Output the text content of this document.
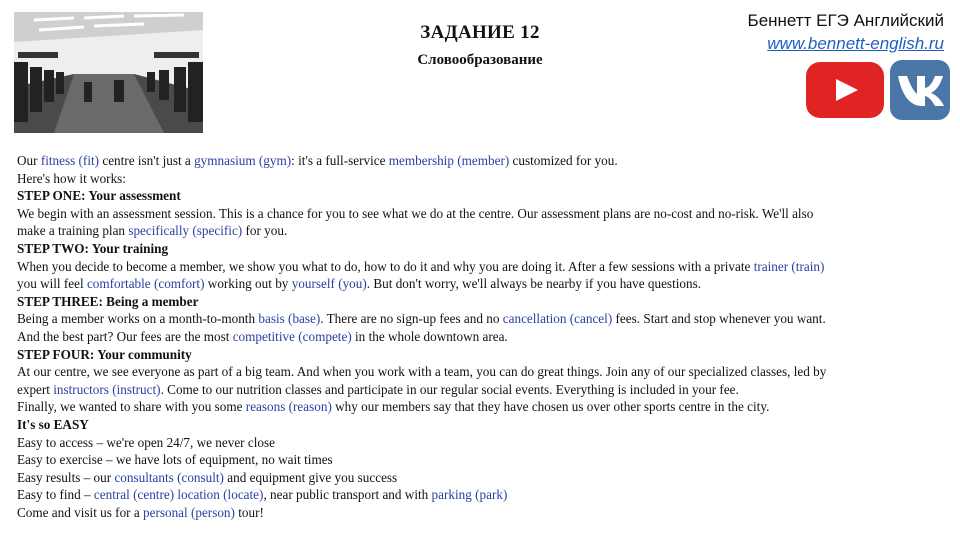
ЗАДАНИЕ 12
Словообразование
Беннетт ЕГЭ Английский
www.bennett-english.ru

Our fitness (fit) centre isn't just a gymnasium (gym): it's a full-service membership (member) customized for you.

Here's how it works:

STEP ONE: Your assessment

We begin with an assessment session. This is a chance for you to see what we do at the centre. Our assessment plans are no-cost and no-risk. We'll also

make a training plan specifically (specific) for you.

STEP TWO: Your training

When you decide to become a member, we show you what to do, how to do it and why you are doing it. After a few sessions with a private trainer (train)

you will feel comfortable (comfort) working out by yourself (you). But don't worry, we'll always be nearby if you have questions.

STEP THREE: Being a member

Being a member works on a month-to-month basis (base). There are no sign-up fees and no cancellation (cancel) fees. Start and stop whenever you want.

And the best part? Our fees are the most competitive (compete) in the whole downtown area.

STEP FOUR: Your community

At our centre, we see everyone as part of a big team. And when you work with a team, you can do great things. Join any of our specialized classes, led by

expert instructors (instruct). Come to our nutrition classes and participate in our regular social events. Everything is included in your fee.

Finally, we wanted to share with you some reasons (reason) why our members say that they have chosen us over other sports centre in the city.

It's so EASY

Easy to access – we're open 24/7, we never close

Easy to exercise – we have lots of equipment, no wait times

Easy results – our consultants (consult) and equipment give you success

Easy to find – central (centre) location (locate), near public transport and with parking (park)

Come and visit us for a personal (person) tour!
